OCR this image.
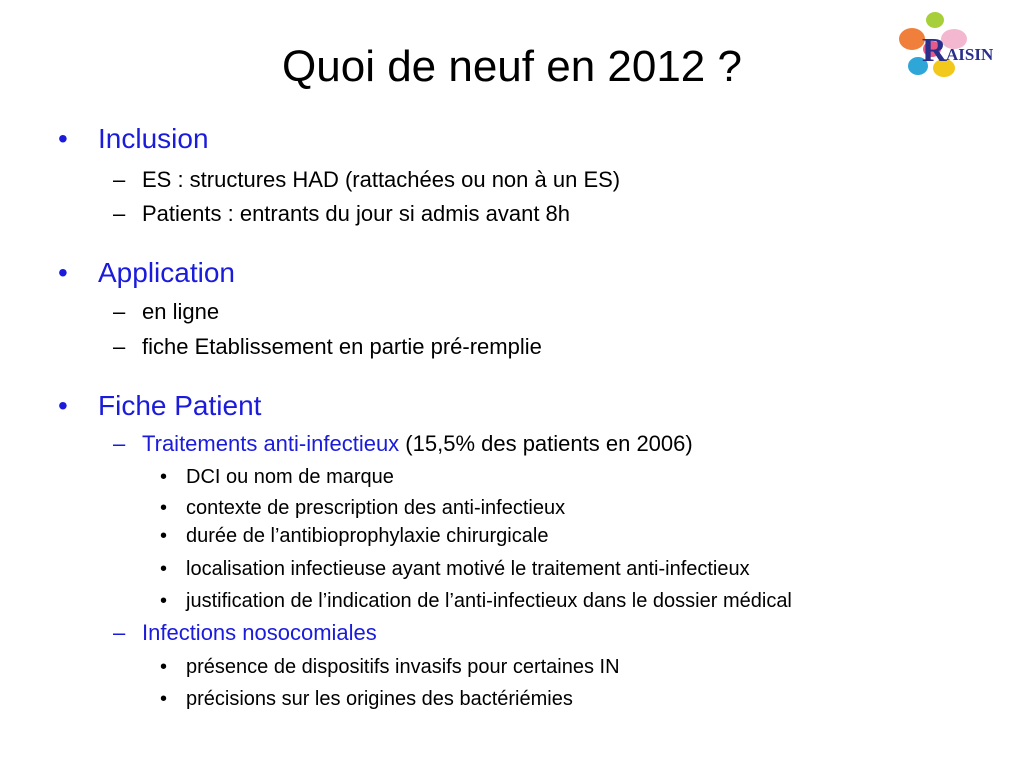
Quoi de neuf en 2012 ?	R AISIN
• Inclusion
– ES : structures HAD (rattachées ou non à un ES)
– Patients : entrants du jour si admis avant 8h
• Application
– en ligne
– fiche Etablissement en partie pré-remplie
• Fiche Patient
– Traitements anti-infectieux (15,5% des patients en 2006)
• DCI ou nom de marque
• contexte de prescription des anti-infectieux
• durée de l’antibioprophylaxie chirurgicale
• localisation infectieuse ayant motivé le traitement anti-infectieux
• justification de l’indication de l’anti-infectieux dans le dossier médical
– Infections nosocomiales
• présence de dispositifs invasifs pour certaines IN
• précisions sur les origines des bactériémies
